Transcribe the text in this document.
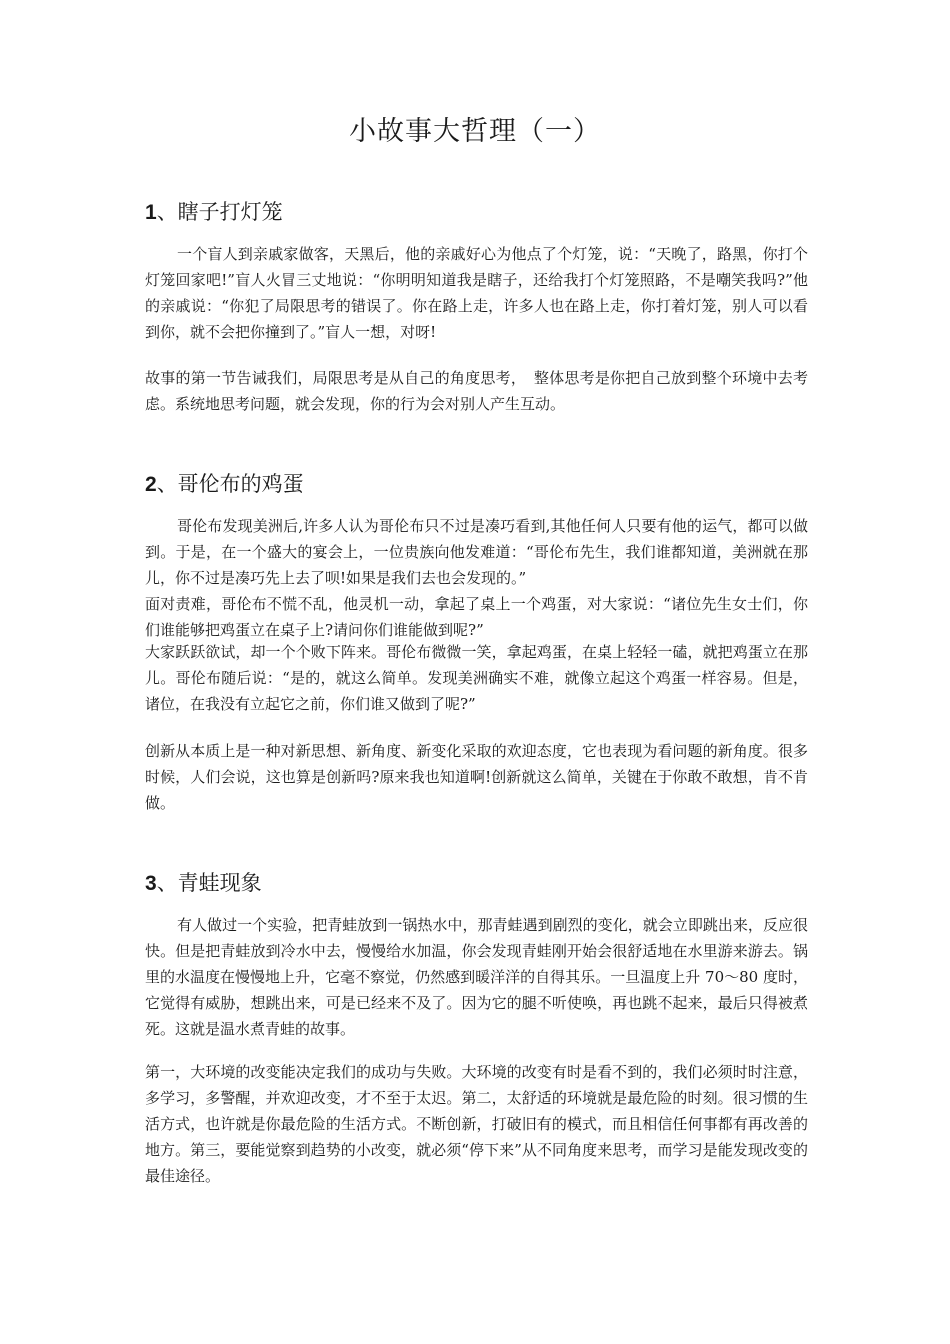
小故事大哲理（一）
1、瞎子打灯笼

一个盲人到亲戚家做客，天黑后，他的亲戚好心为他点了个灯笼，说：“天晚了，路黑，你打个灯笼回家吧!”盲人火冒三丈地说：“你明明知道我是瞎子，还给我打个灯笼照路，不是嘲笑我吗?”他的亲戚说：“你犯了局限思考的错误了。你在路上走，许多人也在路上走，你打着灯笼，别人可以看到你，就不会把你撞到了。”盲人一想，对呀!

故事的第一节告诫我们，局限思考是从自己的角度思考，　整体思考是你把自己放到整个环境中去考虑。系统地思考问题，就会发现，你的行为会对别人产生互动。

2、哥伦布的鸡蛋

哥伦布发现美洲后,许多人认为哥伦布只不过是凑巧看到,其他任何人只要有他的运气，都可以做到。于是，在一个盛大的宴会上，一位贵族向他发难道：“哥伦布先生，我们谁都知道，美洲就在那儿，你不过是凑巧先上去了呗!如果是我们去也会发现的。”

面对责难，哥伦布不慌不乱，他灵机一动，拿起了桌上一个鸡蛋，对大家说：“诸位先生女士们，你们谁能够把鸡蛋立在桌子上?请问你们谁能做到呢?”

大家跃跃欲试，却一个个败下阵来。哥伦布微微一笑，拿起鸡蛋，在桌上轻轻一磕，就把鸡蛋立在那儿。哥伦布随后说：“是的，就这么简单。发现美洲确实不难，就像立起这个鸡蛋一样容易。但是，诸位，在我没有立起它之前，你们谁又做到了呢?”

创新从本质上是一种对新思想、新角度、新变化采取的欢迎态度，它也表现为看问题的新角度。很多时候，人们会说，这也算是创新吗?原来我也知道啊!创新就这么简单，关键在于你敢不敢想，肯不肯做。

3、青蛙现象

有人做过一个实验，把青蛙放到一锅热水中，那青蛙遇到剧烈的变化，就会立即跳出来，反应很快。但是把青蛙放到冷水中去，慢慢给水加温，你会发现青蛙刚开始会很舒适地在水里游来游去。锅里的水温度在慢慢地上升，它毫不察觉，仍然感到暖洋洋的自得其乐。一旦温度上升 70～80 度时，它觉得有威胁，想跳出来，可是已经来不及了。因为它的腿不听使唤，再也跳不起来，最后只得被煮死。这就是温水煮青蛙的故事。

第一，大环境的改变能决定我们的成功与失败。大环境的改变有时是看不到的，我们必须时时注意，多学习，多警醒，并欢迎改变，才不至于太迟。第二，太舒适的环境就是最危险的时刻。很习惯的生活方式，也许就是你最危险的生活方式。不断创新，打破旧有的模式，而且相信任何事都有再改善的地方。第三，要能觉察到趋势的小改变，就必须“停下来”从不同角度来思考，而学习是能发现改变的最佳途径。
